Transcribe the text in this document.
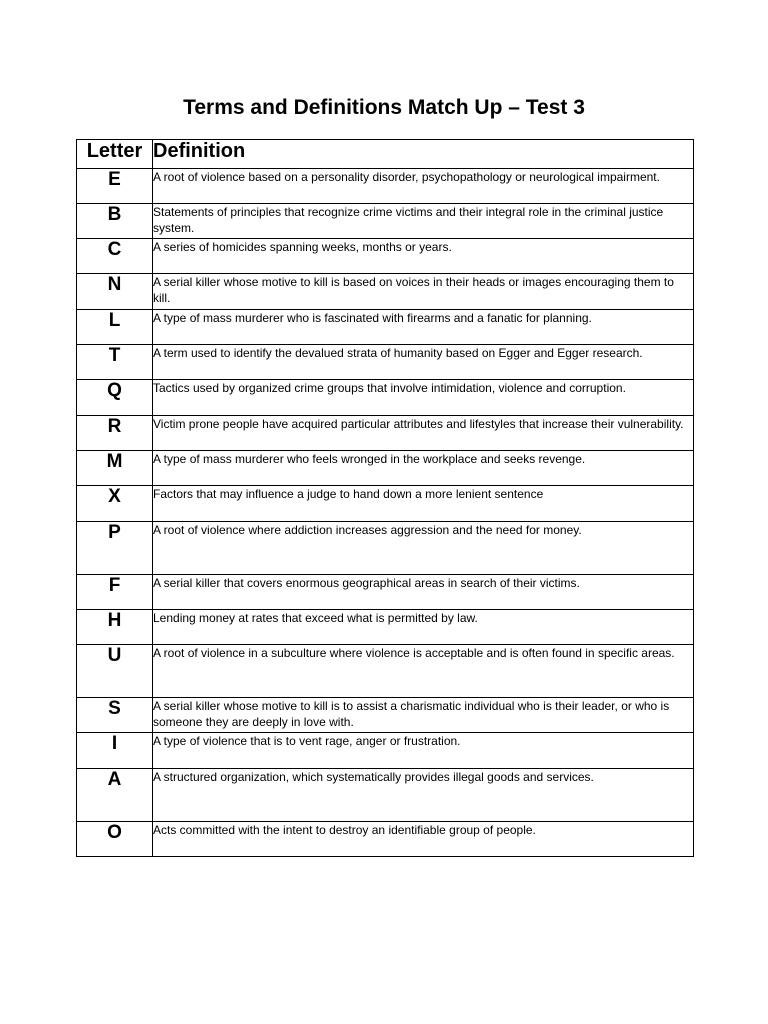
Terms and Definitions Match Up – Test 3
Letter	Definition
E	A root of violence based on a personality disorder, psychopathology or neurological impairment.
B	Statements of principles that recognize crime victims and their integral role in the criminal justice system.
C	A series of homicides spanning weeks, months or years.
N	A serial killer whose motive to kill is based on voices in their heads or images encouraging them to kill.
L	A type of mass murderer who is fascinated with firearms and a fanatic for planning.
T	A term used to identify the devalued strata of humanity based on Egger and Egger research.
Q	Tactics used by organized crime groups that involve intimidation, violence and corruption.
R	Victim prone people have acquired particular attributes and lifestyles that increase their vulnerability.
M	A type of mass murderer who feels wronged in the workplace and seeks revenge.
X	Factors that may influence a judge to hand down a more lenient sentence
P	A root of violence where addiction increases aggression and the need for money.
F	A serial killer that covers enormous geographical areas in search of their victims.
H	Lending money at rates that exceed what is permitted by law.
U	A root of violence in a subculture where violence is acceptable and is often found in specific areas.
S	A serial killer whose motive to kill is to assist a charismatic individual who is their leader, or who is someone they are deeply in love with.
I	A type of violence that is to vent rage, anger or frustration.
A	A structured organization, which systematically provides illegal goods and services.
O	Acts committed with the intent to destroy an identifiable group of people.
